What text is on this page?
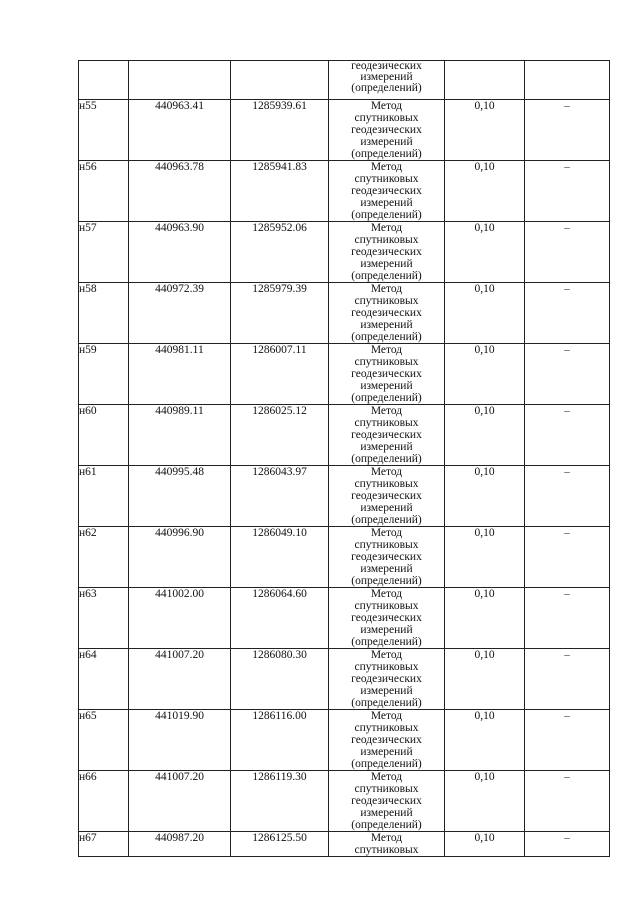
			геодезических
измерений
(определений)		

н55	440963.41	1285939.61	Метод
спутниковых
геодезических
измерений
(определений)	0,10	–
н56	440963.78	1285941.83	Метод
спутниковых
геодезических
измерений
(определений)	0,10	–
н57	440963.90	1285952.06	Метод
спутниковых
геодезических
измерений
(определений)	0,10	–
н58	440972.39	1285979.39	Метод
спутниковых
геодезических
измерений
(определений)	0,10	–
н59	440981.11	1286007.11	Метод
спутниковых
геодезических
измерений
(определений)	0,10	–
н60	440989.11	1286025.12	Метод
спутниковых
геодезических
измерений
(определений)	0,10	–
н61	440995.48	1286043.97	Метод
спутниковых
геодезических
измерений
(определений)	0,10	–
н62	440996.90	1286049.10	Метод
спутниковых
геодезических
измерений
(определений)	0,10	–
н63	441002.00	1286064.60	Метод
спутниковых
геодезических
измерений
(определений)	0,10	–
н64	441007.20	1286080.30	Метод
спутниковых
геодезических
измерений
(определений)	0,10	–
н65	441019.90	1286116.00	Метод
спутниковых
геодезических
измерений
(определений)	0,10	–
н66	441007.20	1286119.30	Метод
спутниковых
геодезических
измерений
(определений)	0,10	–
н67	440987.20	1286125.50	Метод
спутниковых	0,10	–
